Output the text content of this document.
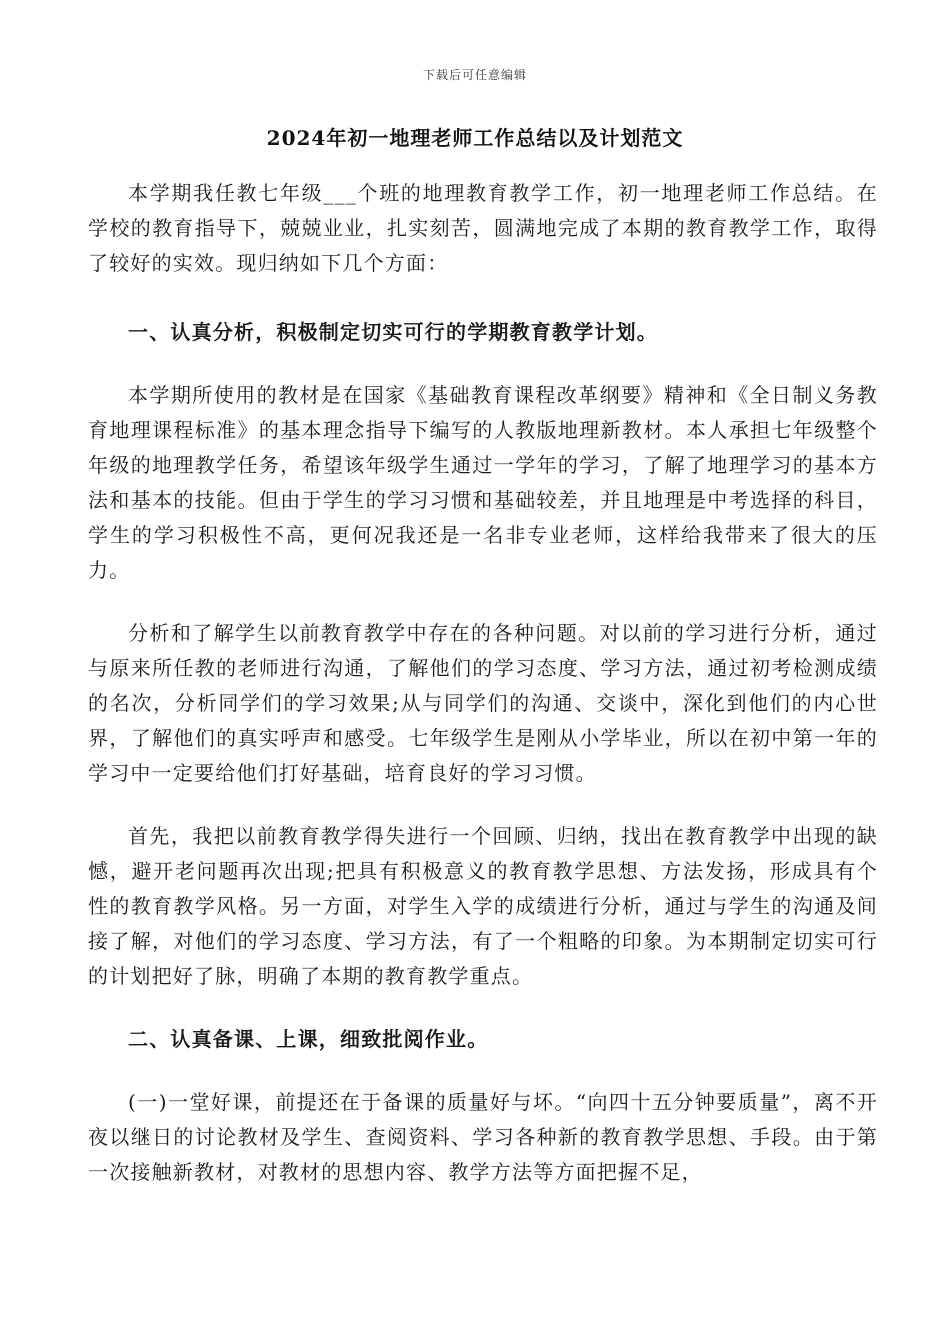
下载后可任意编辑
2024年初一地理老师工作总结以及计划范文

本学期我任教七年级___个班的地理教育教学工作，初一地理老师工作总结。在学校的教育指导下，兢兢业业，扎实刻苦，圆满地完成了本期的教育教学工作，取得了较好的实效。现归纳如下几个方面：

一、认真分析，积极制定切实可行的学期教育教学计划。

本学期所使用的教材是在国家《基础教育课程改革纲要》精神和《全日制义务教育地理课程标准》的基本理念指导下编写的人教版地理新教材。本人承担七年级整个年级的地理教学任务，希望该年级学生通过一学年的学习，了解了地理学习的基本方法和基本的技能。但由于学生的学习习惯和基础较差，并且地理是中考选择的科目，学生的学习积极性不高，更何况我还是一名非专业老师，这样给我带来了很大的压力。

分析和了解学生以前教育教学中存在的各种问题。对以前的学习进行分析，通过与原来所任教的老师进行沟通，了解他们的学习态度、学习方法，通过初考检测成绩的名次，分析同学们的学习效果;从与同学们的沟通、交谈中，深化到他们的内心世界，了解他们的真实呼声和感受。七年级学生是刚从小学毕业，所以在初中第一年的学习中一定要给他们打好基础，培育良好的学习习惯。

首先，我把以前教育教学得失进行一个回顾、归纳，找出在教育教学中出现的缺憾，避开老问题再次出现;把具有积极意义的教育教学思想、方法发扬，形成具有个性的教育教学风格。另一方面，对学生入学的成绩进行分析，通过与学生的沟通及间接了解，对他们的学习态度、学习方法，有了一个粗略的印象。为本期制定切实可行的计划把好了脉，明确了本期的教育教学重点。

二、认真备课、上课，细致批阅作业。

(一)一堂好课，前提还在于备课的质量好与坏。“向四十五分钟要质量”，离不开夜以继日的讨论教材及学生、查阅资料、学习各种新的教育教学思想、手段。由于第一次接触新教材，对教材的思想内容、教学方法等方面把握不足，
